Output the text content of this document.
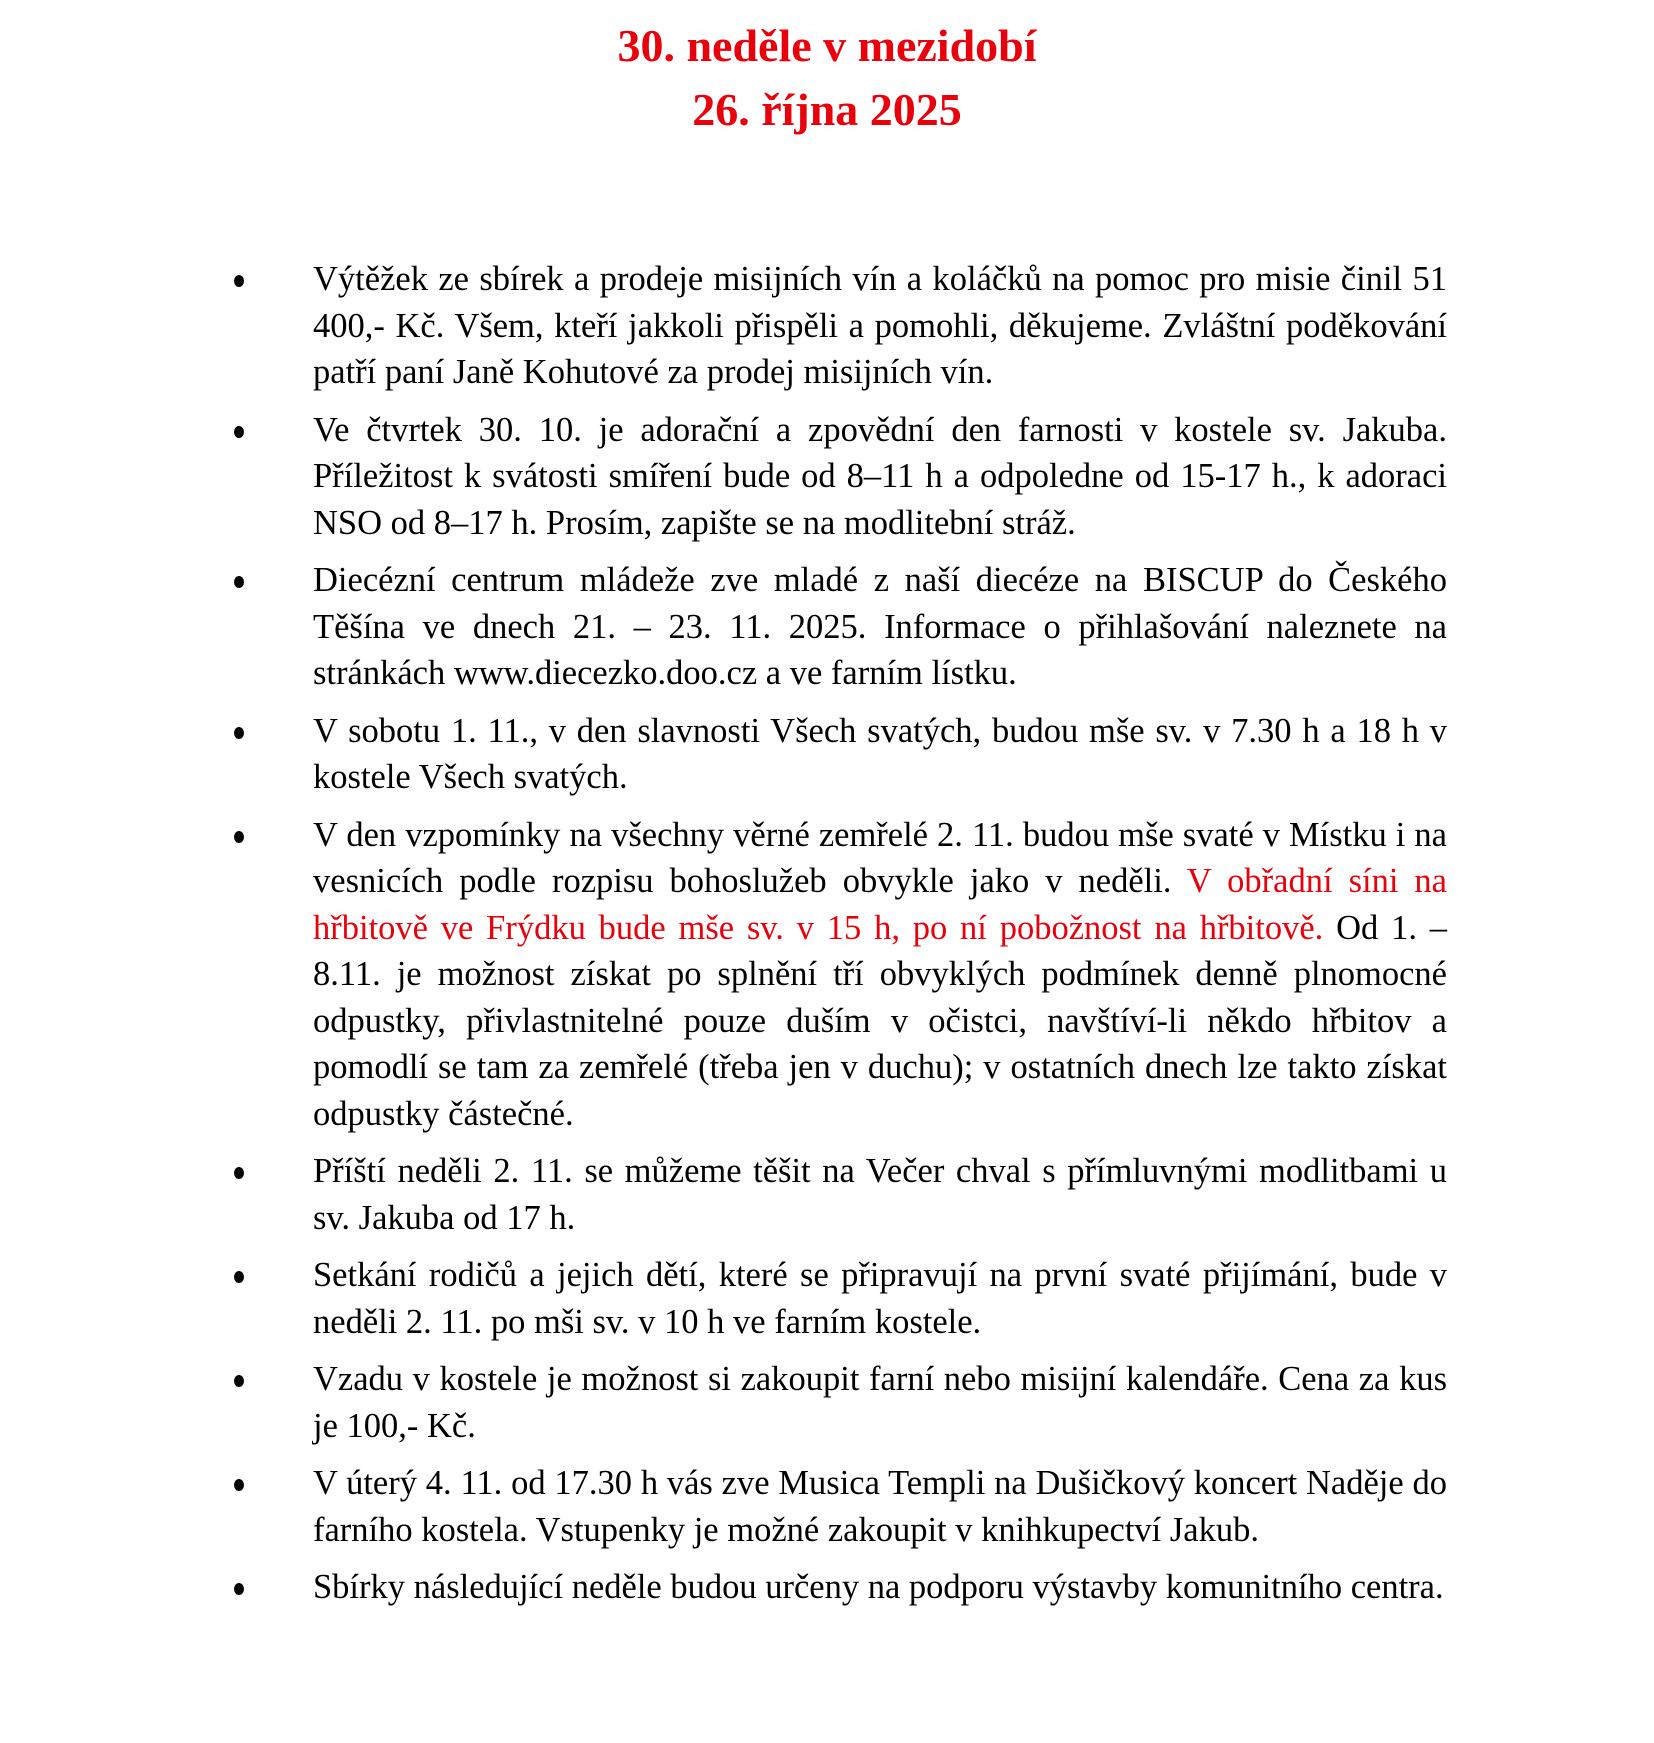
30. neděle v mezidobí
26. října 2025
Výtěžek ze sbírek a prodeje misijních vín a koláčků na pomoc pro misie činil 51 400,- Kč. Všem, kteří jakkoli přispěli a pomohli, děkujeme. Zvláštní poděkování patří paní Janě Kohutové za prodej misijních vín.
Ve čtvrtek 30. 10. je adorační a zpovědní den farnosti v kostele sv. Jakuba. Příležitost k svátosti smíření bude od 8–11 h a odpoledne od 15-17 h., k adoraci NSO od 8–17 h. Prosím, zapište se na modlitební stráž.
Diecézní centrum mládeže zve mladé z naší diecéze na BISCUP do Českého Těšína ve dnech 21. – 23. 11. 2025. Informace o přihlašování naleznete na stránkách www.diecezko.doo.cz a ve farním lístku.
V sobotu 1. 11., v den slavnosti Všech svatých, budou mše sv. v 7.30 h a 18 h v kostele Všech svatých.
V den vzpomínky na všechny věrné zemřelé 2. 11. budou mše svaté v Místku i na vesnicích podle rozpisu bohoslužeb obvykle jako v neděli. V obřadní síni na hřbitově ve Frýdku bude mše sv. v 15 h, po ní pobožnost na hřbitově. Od 1. – 8.11. je možnost získat po splnění tří obvyklých podmínek denně plnomocné odpustky, přivlastnitelné pouze duším v očistci, navštíví-li někdo hřbitov a pomodlí se tam za zemřelé (třeba jen v duchu); v ostatních dnech lze takto získat odpustky částečné.
Příští neděli 2. 11. se můžeme těšit na Večer chval s přímluvnými modlitbami u sv. Jakuba od 17 h.
Setkání rodičů a jejich dětí, které se připravují na první svaté přijímání, bude v neděli 2. 11. po mši sv. v 10 h ve farním kostele.
Vzadu v kostele je možnost si zakoupit farní nebo misijní kalendáře. Cena za kus je 100,- Kč.
V úterý 4. 11. od 17.30 h vás zve Musica Templi na Dušičkový koncert Naděje do farního kostela. Vstupenky je možné zakoupit v knihkupectví Jakub.
Sbírky následující neděle budou určeny na podporu výstavby komunitního centra.
